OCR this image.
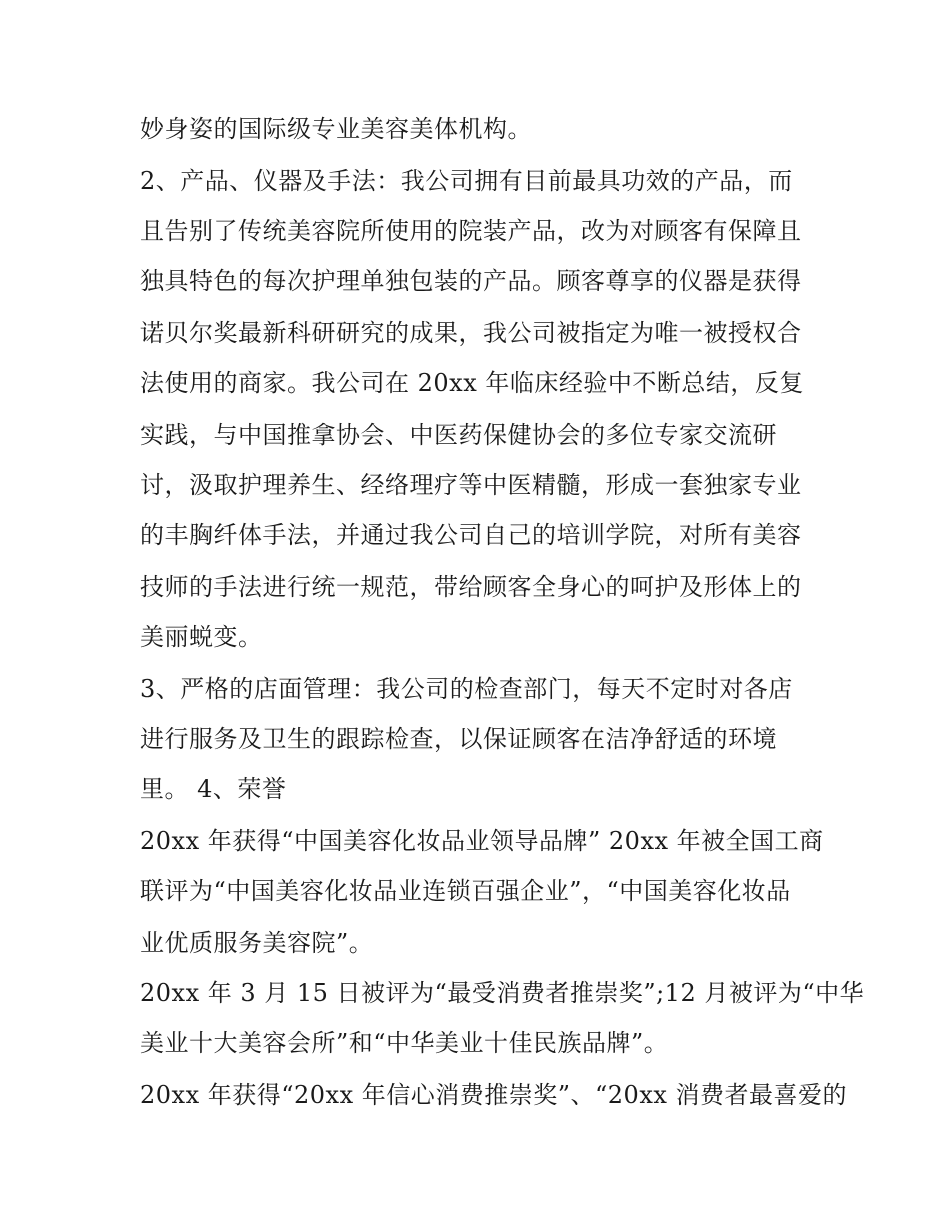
妙身姿的国际级专业美容美体机构。
2、产品、仪器及手法：我公司拥有目前最具功效的产品，而
且告别了传统美容院所使用的院装产品，改为对顾客有保障且
独具特色的每次护理单独包装的产品。顾客尊享的仪器是获得
诺贝尔奖最新科研研究的成果，我公司被指定为唯一被授权合
法使用的商家。我公司在 20xx 年临床经验中不断总结，反复
实践，与中国推拿协会、中医药保健协会的多位专家交流研
讨，汲取护理养生、经络理疗等中医精髓，形成一套独家专业
的丰胸纤体手法，并通过我公司自己的培训学院，对所有美容
技师的手法进行统一规范，带给顾客全身心的呵护及形体上的
美丽蜕变。
3、严格的店面管理：我公司的检查部门，每天不定时对各店
进行服务及卫生的跟踪检查，以保证顾客在洁净舒适的环境
里。 4、荣誉
20xx 年获得“中国美容化妆品业领导品牌” 20xx 年被全国工商
联评为“中国美容化妆品业连锁百强企业”，“中国美容化妆品
业优质服务美容院”。
20xx 年 3 月 15 日被评为“最受消费者推崇奖”;12 月被评为“中华
美业十大美容会所”和“中华美业十佳民族品牌”。
20xx 年获得“20xx 年信心消费推崇奖”、“20xx 消费者最喜爱的
